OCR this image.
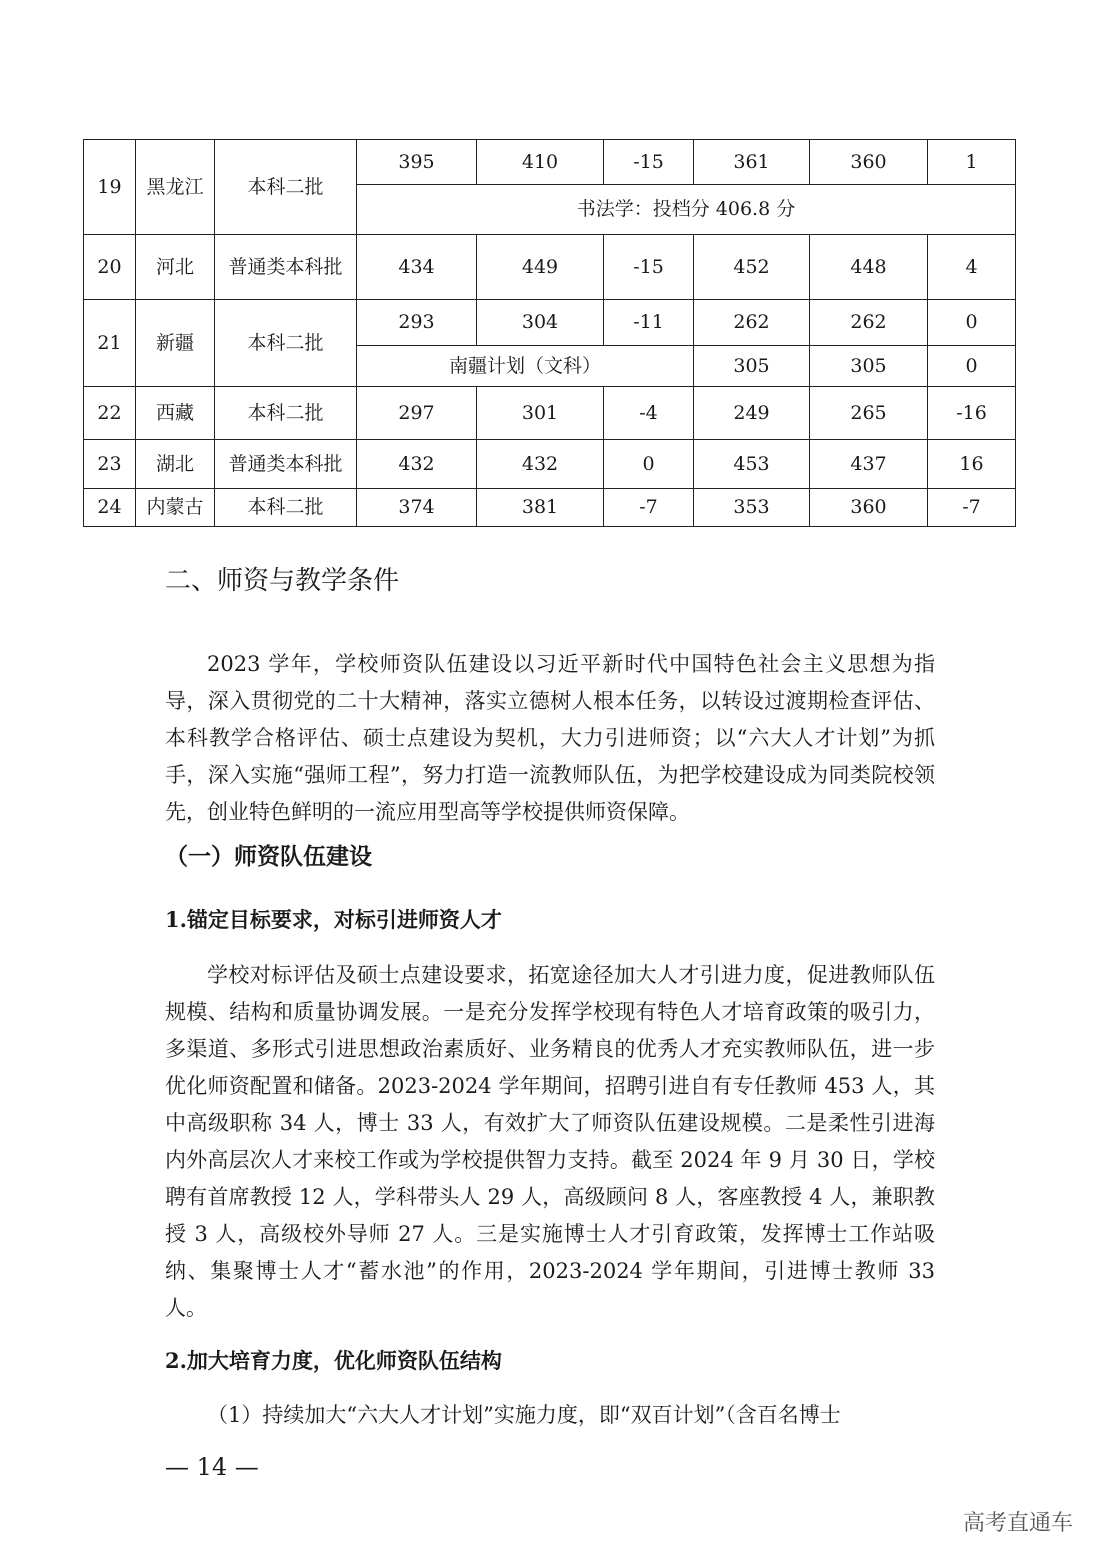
19	黑龙江	本科二批	395	410	-15	361	360	1
			书法学：投档分 406.8 分					
20	河北	普通类本科批	434	449	-15	452	448	4
21	新疆	本科二批	293	304	-11	262	262	0
			南疆计划（文科）			305	305	0
22	西藏	本科二批	297	301	-4	249	265	-16
23	湖北	普通类本科批	432	432	0	453	437	16
24	内蒙古	本科二批	374	381	-7	353	360	-7
二、师资与教学条件

2023 学年，学校师资队伍建设以习近平新时代中国特色社会主义思想为指导，深入贯彻党的二十大精神，落实立德树人根本任务，以转设过渡期检查评估、本科教学合格评估、硕士点建设为契机，大力引进师资；以“六大人才计划”为抓手，深入实施“强师工程”，努力打造一流教师队伍，为把学校建设成为同类院校领先，创业特色鲜明的一流应用型高等学校提供师资保障。

（一）师资队伍建设
1.锚定目标要求，对标引进师资人才

学校对标评估及硕士点建设要求，拓宽途径加大人才引进力度，促进教师队伍规模、结构和质量协调发展。一是充分发挥学校现有特色人才培育政策的吸引力，多渠道、多形式引进思想政治素质好、业务精良的优秀人才充实教师队伍，进一步优化师资配置和储备。2023-2024 学年期间，招聘引进自有专任教师 453 人，其中高级职称 34 人，博士 33 人，有效扩大了师资队伍建设规模。二是柔性引进海内外高层次人才来校工作或为学校提供智力支持。截至 2024 年 9 月 30 日，学校聘有首席教授 12 人，学科带头人 29 人，高级顾问 8 人，客座教授 4 人，兼职教授 3 人，高级校外导师 27 人。三是实施博士人才引育政策，发挥博士工作站吸纳、集聚博士人才“蓄水池”的作用，2023-2024 学年期间，引进博士教师 33 人。

2.加大培育力度，优化师资队伍结构

（1）持续加大“六大人才计划”实施力度，即“双百计划”（含百名博士

— 14 —
高考直通车
